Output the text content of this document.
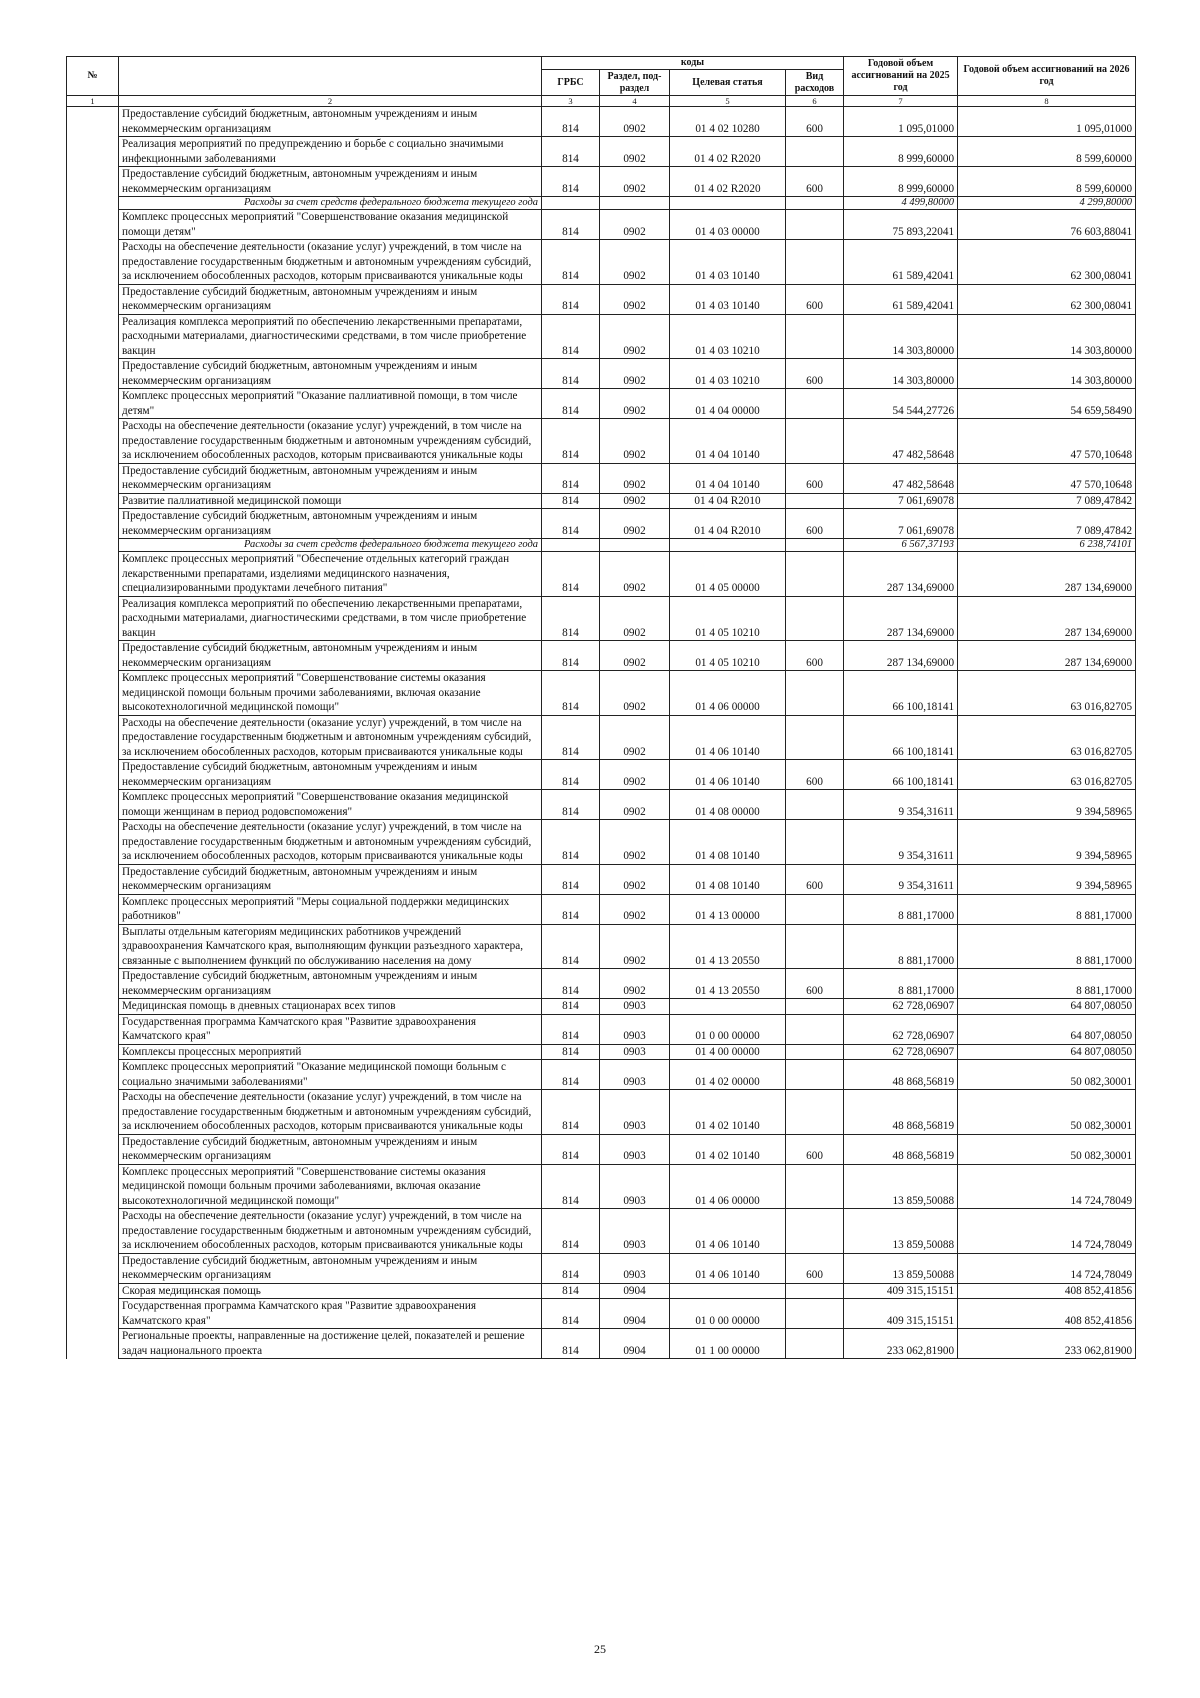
№		коды				Годовой объем ассигнований на 2025 год	Годовой объем ассигнований на 2026 год
		ГРБС	Раздел, под-раздел	Целевая статья	Вид расходов		
1	2	3	4	5	6	7	8
	Предоставление субсидий бюджетным, автономным учреждениям и иным некоммерческим организациям	814	0902	01 4 02 10280	600	1 095,01000	1 095,01000
	Реализация мероприятий по предупреждению и борьбе с социально значимыми инфекционными заболеваниями	814	0902	01 4 02 R2020		8 999,60000	8 599,60000
	Предоставление субсидий бюджетным, автономным учреждениям и иным некоммерческим организациям	814	0902	01 4 02 R2020	600	8 999,60000	8 599,60000
	Расходы за счет средств федерального бюджета текущего года					4 499,80000	4 299,80000
	Комплекс процессных мероприятий "Совершенствование оказания медицинской помощи детям"	814	0902	01 4 03 00000		75 893,22041	76 603,88041
	Расходы на обеспечение деятельности (оказание услуг) учреждений, в том числе на предоставление государственным бюджетным и автономным учреждениям субсидий, за исключением обособленных расходов, которым присваиваются уникальные коды	814	0902	01 4 03 10140		61 589,42041	62 300,08041
	Предоставление субсидий бюджетным, автономным учреждениям и иным некоммерческим организациям	814	0902	01 4 03 10140	600	61 589,42041	62 300,08041
	Реализация комплекса мероприятий по обеспечению лекарственными препаратами, расходными материалами, диагностическими средствами, в том числе приобретение вакцин	814	0902	01 4 03 10210		14 303,80000	14 303,80000
	Предоставление субсидий бюджетным, автономным учреждениям и иным некоммерческим организациям	814	0902	01 4 03 10210	600	14 303,80000	14 303,80000
	Комплекс процессных мероприятий "Оказание паллиативной помощи, в том числе детям"	814	0902	01 4 04 00000		54 544,27726	54 659,58490
	Расходы на обеспечение деятельности (оказание услуг) учреждений, в том числе на предоставление государственным бюджетным и автономным учреждениям субсидий, за исключением обособленных расходов, которым присваиваются уникальные коды	814	0902	01 4 04 10140		47 482,58648	47 570,10648
	Предоставление субсидий бюджетным, автономным учреждениям и иным некоммерческим организациям	814	0902	01 4 04 10140	600	47 482,58648	47 570,10648
	Развитие паллиативной медицинской помощи	814	0902	01 4 04 R2010		7 061,69078	7 089,47842
	Предоставление субсидий бюджетным, автономным учреждениям и иным некоммерческим организациям	814	0902	01 4 04 R2010	600	7 061,69078	7 089,47842
	Расходы за счет средств федерального бюджета текущего года					6 567,37193	6 238,74101
	Комплекс процессных мероприятий "Обеспечение отдельных категорий граждан лекарственными препаратами, изделиями медицинского назначения, специализированными продуктами лечебного питания"	814	0902	01 4 05 00000		287 134,69000	287 134,69000
	Реализация комплекса мероприятий по обеспечению лекарственными препаратами, расходными материалами, диагностическими средствами, в том числе приобретение вакцин	814	0902	01 4 05 10210		287 134,69000	287 134,69000
	Предоставление субсидий бюджетным, автономным учреждениям и иным некоммерческим организациям	814	0902	01 4 05 10210	600	287 134,69000	287 134,69000
	Комплекс процессных мероприятий "Совершенствование системы оказания медицинской помощи больным прочими заболеваниями, включая оказание высокотехнологичной медицинской помощи"	814	0902	01 4 06 00000		66 100,18141	63 016,82705
	Расходы на обеспечение деятельности (оказание услуг) учреждений, в том числе на предоставление государственным бюджетным и автономным учреждениям субсидий, за исключением обособленных расходов, которым присваиваются уникальные коды	814	0902	01 4 06 10140		66 100,18141	63 016,82705
	Предоставление субсидий бюджетным, автономным учреждениям и иным некоммерческим организациям	814	0902	01 4 06 10140	600	66 100,18141	63 016,82705
	Комплекс процессных мероприятий "Совершенствование оказания медицинской помощи женщинам в период родовспоможения"	814	0902	01 4 08 00000		9 354,31611	9 394,58965
	Расходы на обеспечение деятельности (оказание услуг) учреждений, в том числе на предоставление государственным бюджетным и автономным учреждениям субсидий, за исключением обособленных расходов, которым присваиваются уникальные коды	814	0902	01 4 08 10140		9 354,31611	9 394,58965
	Предоставление субсидий бюджетным, автономным учреждениям и иным некоммерческим организациям	814	0902	01 4 08 10140	600	9 354,31611	9 394,58965
	Комплекс процессных мероприятий "Меры социальной поддержки медицинских работников"	814	0902	01 4 13 00000		8 881,17000	8 881,17000
	Выплаты отдельным категориям медицинских работников учреждений здравоохранения Камчатского края, выполняющим функции разъездного характера, связанные с выполнением функций по обслуживанию населения на дому	814	0902	01 4 13 20550		8 881,17000	8 881,17000
	Предоставление субсидий бюджетным, автономным учреждениям и иным некоммерческим организациям	814	0902	01 4 13 20550	600	8 881,17000	8 881,17000
	Медицинская помощь в дневных стационарах всех типов	814	0903			62 728,06907	64 807,08050
	Государственная программа Камчатского края "Развитие здравоохранения Камчатского края"	814	0903	01 0 00 00000		62 728,06907	64 807,08050
	Комплексы процессных мероприятий	814	0903	01 4 00 00000		62 728,06907	64 807,08050
	Комплекс процессных мероприятий "Оказание медицинской помощи больным с социально значимыми заболеваниями"	814	0903	01 4 02 00000		48 868,56819	50 082,30001
	Расходы на обеспечение деятельности (оказание услуг) учреждений, в том числе на предоставление государственным бюджетным и автономным учреждениям субсидий, за исключением обособленных расходов, которым присваиваются уникальные коды	814	0903	01 4 02 10140		48 868,56819	50 082,30001
	Предоставление субсидий бюджетным, автономным учреждениям и иным некоммерческим организациям	814	0903	01 4 02 10140	600	48 868,56819	50 082,30001
	Комплекс процессных мероприятий "Совершенствование системы оказания медицинской помощи больным прочими заболеваниями, включая оказание высокотехнологичной медицинской помощи"	814	0903	01 4 06 00000		13 859,50088	14 724,78049
	Расходы на обеспечение деятельности (оказание услуг) учреждений, в том числе на предоставление государственным бюджетным и автономным учреждениям субсидий, за исключением обособленных расходов, которым присваиваются уникальные коды	814	0903	01 4 06 10140		13 859,50088	14 724,78049
	Предоставление субсидий бюджетным, автономным учреждениям и иным некоммерческим организациям	814	0903	01 4 06 10140	600	13 859,50088	14 724,78049
	Скорая медицинская помощь	814	0904			409 315,15151	408 852,41856
	Государственная программа Камчатского края "Развитие здравоохранения Камчатского края"	814	0904	01 0 00 00000		409 315,15151	408 852,41856
	Региональные проекты, направленные на достижение целей, показателей и решение задач национального проекта	814	0904	01 1 00 00000		233 062,81900	233 062,81900
25
